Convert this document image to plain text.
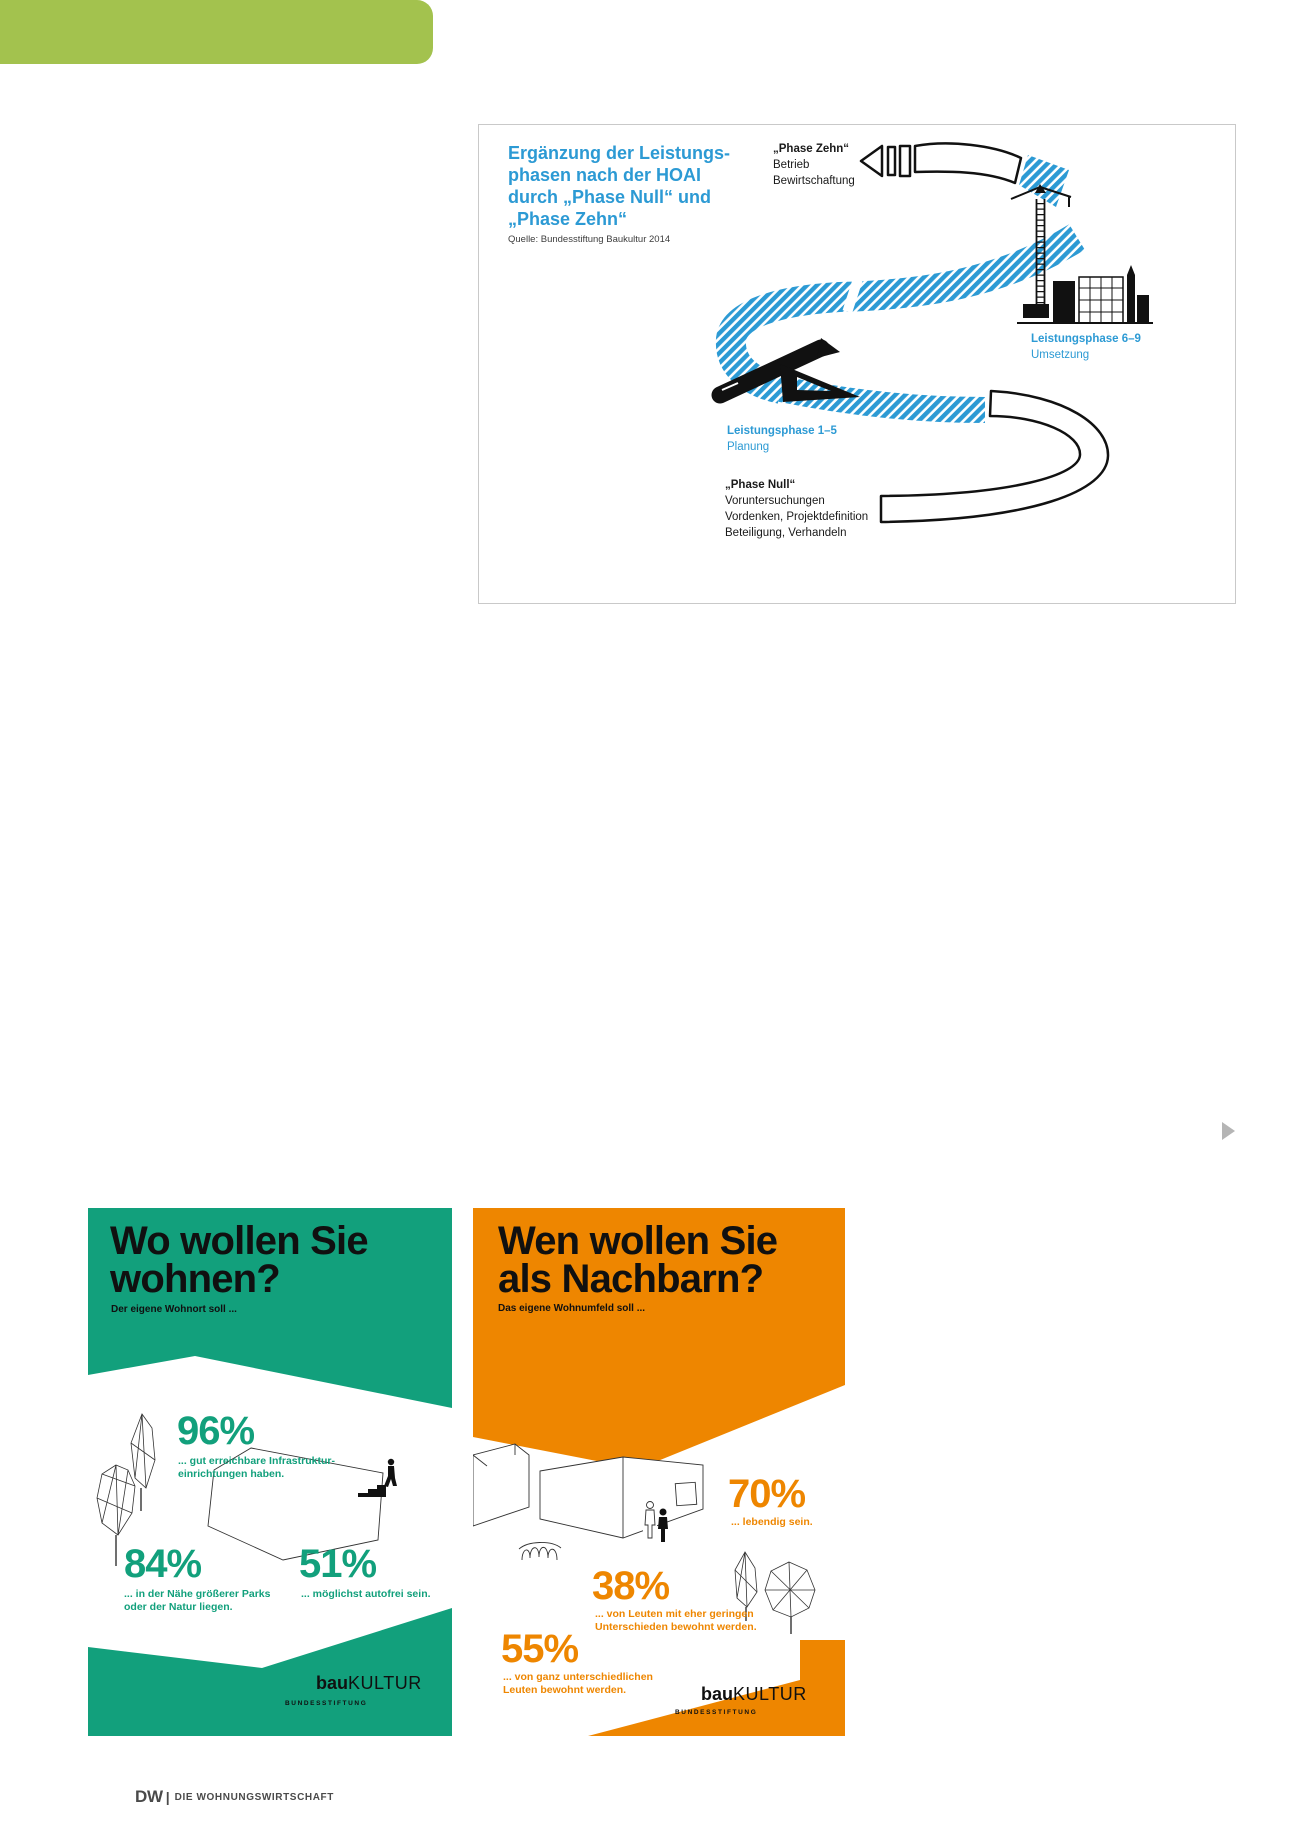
Ergänzung der Leistungs-
phasen nach der HOAI
durch „Phase Null“ und
„Phase Zehn“
Quelle: Bundesstiftung Baukultur 2014
„Phase Zehn“
Betrieb
Bewirtschaftung
Leistungsphase 6–9
Umsetzung
Leistungsphase 1–5
Planung
„Phase Null“
Voruntersuchungen
Vordenken, Projektdefinition
Beteiligung, Verhandeln
Wo wollen Sie
wohnen?
Der eigene Wohnort soll ...
96%
... gut erreichbare Infrastruktur-
einrichtungen haben.
84%
... in der Nähe größerer Parks
oder der Natur liegen.
51%
... möglichst autofrei sein.
bauKULTUR
BUNDESSTIFTUNG
Wen wollen Sie
als Nachbarn?
Das eigene Wohnumfeld soll ...
70%
... lebendig sein.
38%
... von Leuten mit eher geringen
Unterschieden bewohnt werden.
55%
... von ganz unterschiedlichen
Leuten bewohnt werden.	bauKULTUR
BUNDESSTIFTUNG
DW | DIE WOHNUNGSWIRTSCHAFT
